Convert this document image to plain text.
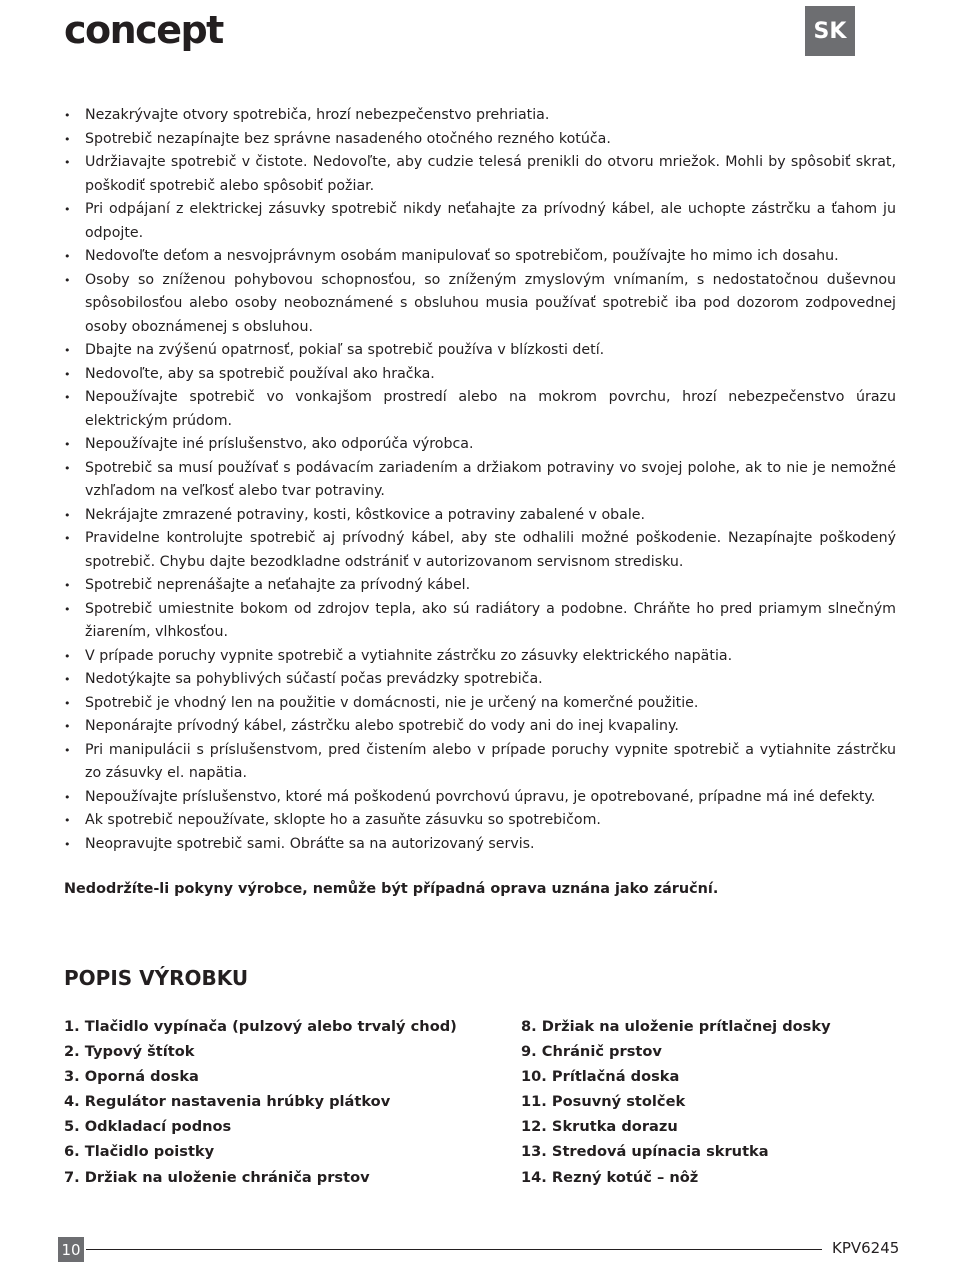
concept	SK
• Nezakrývajte otvory spotrebiča, hrozí nebezpečenstvo prehriatia.
• Spotrebič nezapínajte bez správne nasadeného otočného rezného kotúča.
• Udržiavajte spotrebič v čistote. Nedovoľte, aby cudzie telesá prenikli do otvoru mriežok. Mohli by spôsobiť skrat, poškodiť spotrebič alebo spôsobiť požiar.
• Pri odpájaní z elektrickej zásuvky spotrebič nikdy neťahajte za prívodný kábel, ale uchopte zástrčku a ťahom ju odpojte.
• Nedovoľte deťom a nesvojprávnym osobám manipulovať so spotrebičom, používajte ho mimo ich dosahu.
• Osoby so zníženou pohybovou schopnosťou, so zníženým zmyslovým vnímaním, s nedostatočnou duševnou spôsobilosťou alebo osoby neoboznámené s obsluhou musia používať spotrebič iba pod dozorom zodpovednej osoby oboznámenej s obsluhou.
• Dbajte na zvýšenú opatrnosť, pokiaľ sa spotrebič používa v blízkosti detí.
• Nedovoľte, aby sa spotrebič používal ako hračka.
• Nepoužívajte spotrebič vo vonkajšom prostredí alebo na mokrom povrchu, hrozí nebezpečenstvo úrazu elektrickým prúdom.
• Nepoužívajte iné príslušenstvo, ako odporúča výrobca.
• Spotrebič sa musí používať s podávacím zariadením a držiakom potraviny vo svojej polohe, ak to nie je nemožné vzhľadom na veľkosť alebo tvar potraviny.
• Nekrájajte zmrazené potraviny, kosti, kôstkovice a potraviny zabalené v obale.
• Pravidelne kontrolujte spotrebič aj prívodný kábel, aby ste odhalili možné poškodenie. Nezapínajte poškodený spotrebič. Chybu dajte bezodkladne odstrániť v autorizovanom servisnom stredisku.
• Spotrebič neprenášajte a neťahajte za prívodný kábel.
• Spotrebič umiestnite bokom od zdrojov tepla, ako sú radiátory a podobne. Chráňte ho pred priamym slnečným žiarením, vlhkosťou.
• V prípade poruchy vypnite spotrebič a vytiahnite zástrčku zo zásuvky elektrického napätia.
• Nedotýkajte sa pohyblivých súčastí počas prevádzky spotrebiča.
• Spotrebič je vhodný len na použitie v domácnosti, nie je určený na komerčné použitie.
• Neponárajte prívodný kábel, zástrčku alebo spotrebič do vody ani do inej kvapaliny.
• Pri manipulácii s príslušenstvom, pred čistením alebo v prípade poruchy vypnite spotrebič a vytiahnite zástrčku zo zásuvky el. napätia.
• Nepoužívajte príslušenstvo, ktoré má poškodenú povrchovú úpravu, je opotrebované, prípadne má iné defekty.
• Ak spotrebič nepoužívate, sklopte ho a zasuňte zásuvku so spotrebičom.
• Neopravujte spotrebič sami. Obráťte sa na autorizovaný servis.
Nedodržíte-li pokyny výrobce, nemůže být případná oprava uznána jako záruční.
POPIS VÝROBKU
1. Tlačidlo vypínača (pulzový alebo trvalý chod)
2. Typový štítok
3. Oporná doska
4. Regulátor nastavenia hrúbky plátkov
5. Odkladací podnos
6. Tlačidlo poistky
7. Držiak na uloženie chrániča prstov
8. Držiak na uloženie prítlačnej dosky
9. Chránič prstov
10. Prítlačná doska
11. Posuvný stolček
12. Skrutka dorazu
13. Stredová upínacia skrutka
14. Rezný kotúč – nôž
10	KPV6245
